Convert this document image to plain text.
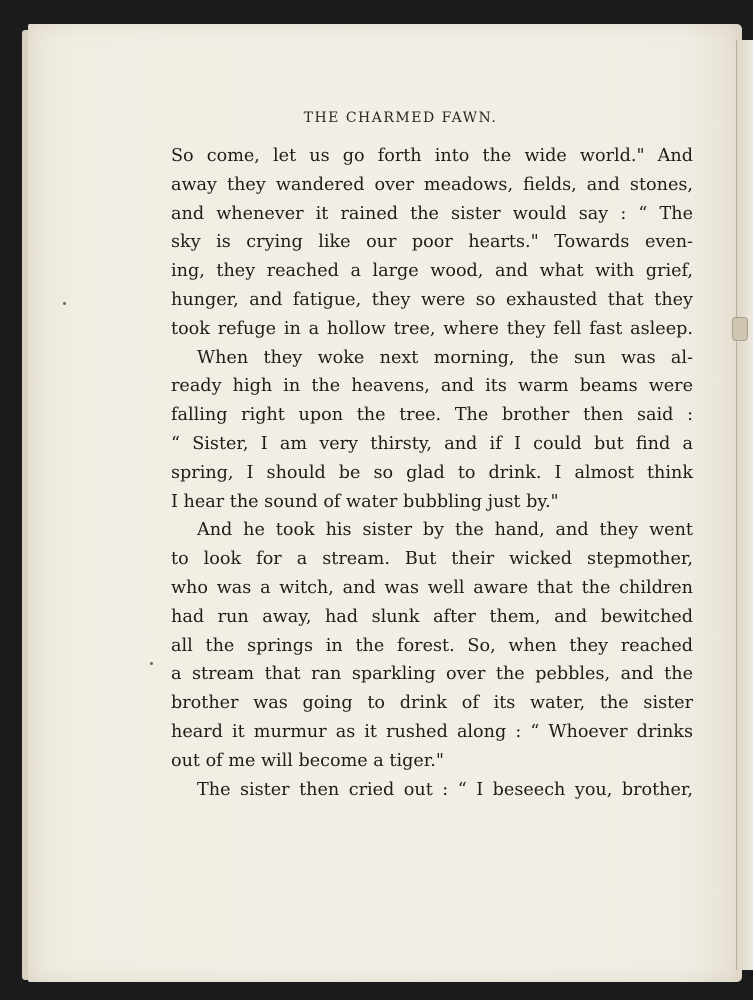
THE CHARMED FAWN.
So come, let us go forth into the wide world." And
away they wandered over meadows, fields, and stones,
and whenever it rained the sister would say : “ The
sky is crying like our poor hearts." Towards even-
ing, they reached a large wood, and what with grief,
hunger, and fatigue, they were so exhausted that they
took refuge in a hollow tree, where they fell fast asleep.
When they woke next morning, the sun was al-
ready high in the heavens, and its warm beams were
falling right upon the tree. The brother then said :
“ Sister, I am very thirsty, and if I could but find a
spring, I should be so glad to drink. I almost think
I hear the sound of water bubbling just by."
And he took his sister by the hand, and they went
to look for a stream. But their wicked stepmother,
who was a witch, and was well aware that the children
had run away, had slunk after them, and bewitched
all the springs in the forest. So, when they reached
a stream that ran sparkling over the pebbles, and the
brother was going to drink of its water, the sister
heard it murmur as it rushed along : “ Whoever drinks
out of me will become a tiger."
The sister then cried out : “ I beseech you, brother,
